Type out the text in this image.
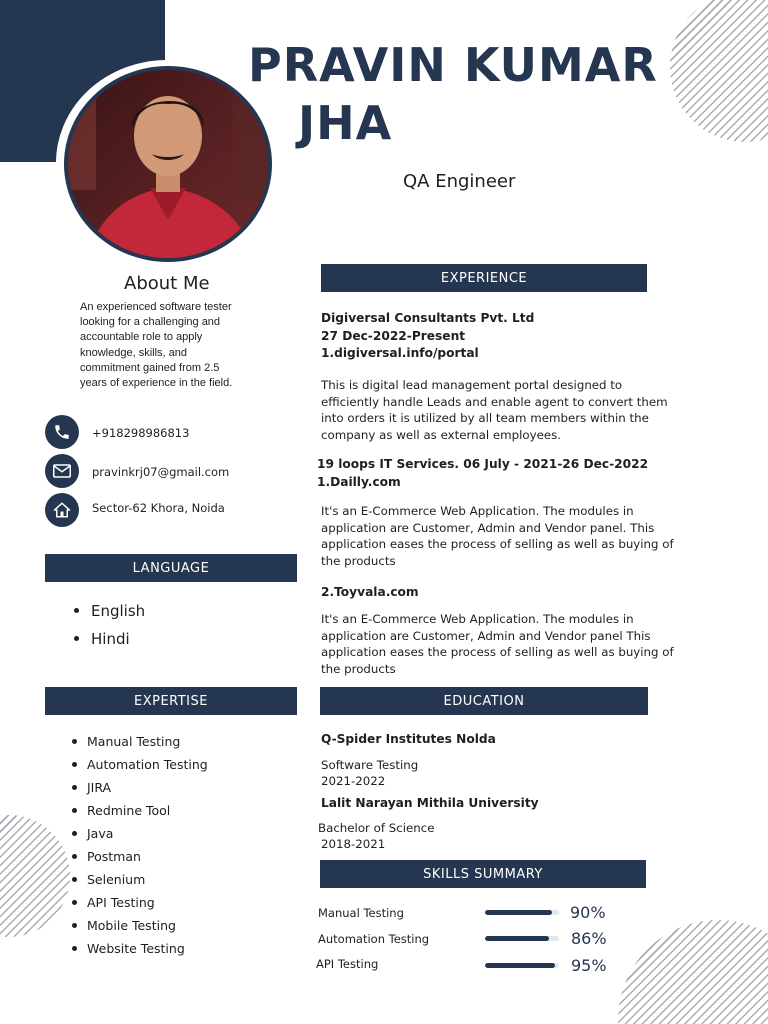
PRAVIN KUMAR
JHA
QA Engineer
About Me
An experienced software tester
looking for a challenging and
accountable role to apply
knowledge, skills, and
commitment gained from 2.5
years of experience in the field.
+918298986813
pravinkrj07@gmail.com
Sector-62 Khora, Noida
LANGUAGE
English
Hindi
EXPERTISE
Manual Testing
Automation Testing
JIRA
Redmine Tool
Java
Postman
Selenium
API Testing
Mobile Testing
Website Testing
EXPERIENCE
Digiversal Consultants Pvt. Ltd
27 Dec-2022-Present
1.digiversal.info/portal
This is digital lead management portal designed to
efficiently handle Leads and enable agent to convert them
into orders it is utilized by all team members within the
company as well as external employees.
19 loops IT Services. 06 July - 2021-26 Dec-2022
1.Dailly.com
It's an E-Commerce Web Application. The modules in
application are Customer, Admin and Vendor panel. This
application eases the process of selling as well as buying of
the products
2.Toyvala.com
It's an E-Commerce Web Application. The modules in
application are Customer, Admin and Vendor panel This
application eases the process of selling as well as buying of
the products
EDUCATION
Q-Spider Institutes Nolda
Software Testing
2021-2022
Lalit Narayan Mithila University
Bachelor of Science
2018-2021
SKILLS SUMMARY
Manual Testing	90%
Automation Testing	86%
API Testing	95%
